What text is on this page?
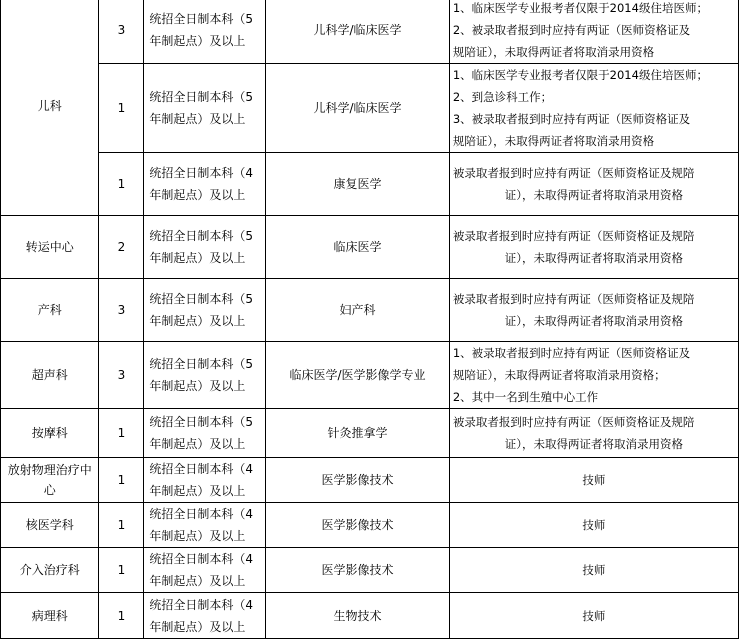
儿科	3	统招全日制本科（5
年制起点）及以上	儿科学/临床医学	1、临床医学专业报考者仅限于2014级住培医师；
2、被录取者报到时应持有两证（医师资格证及
规陪证），未取得两证者将取消录用资格

	1	统招全日制本科（5
年制起点）及以上	儿科学/临床医学	1、临床医学专业报考者仅限于2014级住培医师；
2、到急诊科工作；
3、被录取者报到时应持有两证（医师资格证及
规陪证），未取得两证者将取消录用资格

	1	统招全日制本科（4
年制起点）及以上	康复医学	被录取者报到时应持有两证（医师资格证及规陪
证），未取得两证者将取消录用资格

转运中心	2	统招全日制本科（5
年制起点）及以上	临床医学	被录取者报到时应持有两证（医师资格证及规陪
证），未取得两证者将取消录用资格

产科	3	统招全日制本科（5
年制起点）及以上	妇产科	被录取者报到时应持有两证（医师资格证及规陪
证），未取得两证者将取消录用资格

超声科	3	统招全日制本科（5
年制起点）及以上	临床医学/医学影像学专业	1、被录取者报到时应持有两证（医师资格证及
规陪证），未取得两证者将取消录用资格；
2、其中一名到生殖中心工作

按摩科	1	统招全日制本科（5
年制起点）及以上	针灸推拿学	被录取者报到时应持有两证（医师资格证及规陪
证），未取得两证者将取消录用资格

放射物理治疗中心	1	统招全日制本科（4
年制起点）及以上	医学影像技术	技师
核医学科	1	统招全日制本科（4
年制起点）及以上	医学影像技术	技师
介入治疗科	1	统招全日制本科（4
年制起点）及以上	医学影像技术	技师
病理科	1	统招全日制本科（4
年制起点）及以上	生物技术	技师
